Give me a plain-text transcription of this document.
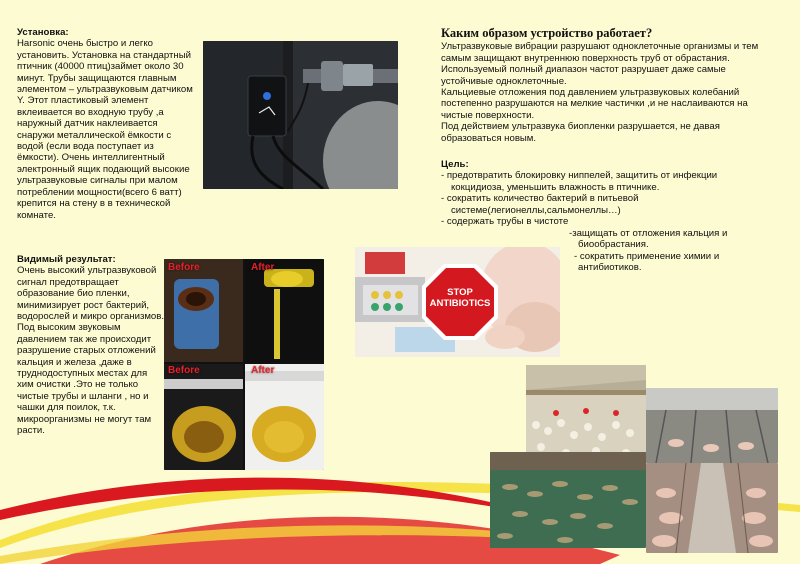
Установка:
Harsonic очень быстро и легко установить. Установка на стандартный птичник (40000 птиц)займет около 30 минут. Трубы защищаются главным элементом – ультразвуковым датчиком Y. Этот пластиковый элемент вклеивается во входную трубу ,а наружный датчик наклеивается снаружи металлической ёмкости с водой (если вода поступает из ёмкости). Очень интеллигентный электронный ящик подающий высокие ультразвуковые сигналы при малом потреблении мощности(всего 6 ватт) крепится на стену в в технической комнате.
Видимый результат:
Очень высокий ультразвуковой сигнал предотвращает образование био пленки, минимизирует рост бактерий, водорослей и микро организмов. Под высоким звуковым давлением так же происходит разрушение старых отложений кальция и железа ,даже в труднодоступных местах для хим очистки .Это не только чистые трубы и шланги , но и чашки для поилок, т.к. микроорганизмы не могут там расти.
Before	After
Before	After
Каким образом устройство работает?
Ультразвуковые вибрации разрушают одноклеточные организмы и тем самым защищают внутреннюю поверхность труб от обрастания. Используемый полный диапазон частот разрушает даже самые устойчивые одноклеточные.
Кальциевые отложения под давлением ультразвуковых колебаний постепенно разрушаются на мелкие частички ,и не наслаиваются на чистые поверхности.
Под действием ультразвука биопленки разрушается, не давая образоваться новым.
Цель:
- предотвратить блокировку ниппелей, защитить от инфекции
кокцидиоза, уменьшить влажность в птичнике.
- сократить количество бактерий в питьевой
системе(легионеллы,сальмонеллы…)
- содержать трубы в чистоте
-защищать от отложения кальция и
биообрастания.
- сократить применение химии и
антибиотиков.
STOP
ANTIBIOTICS
